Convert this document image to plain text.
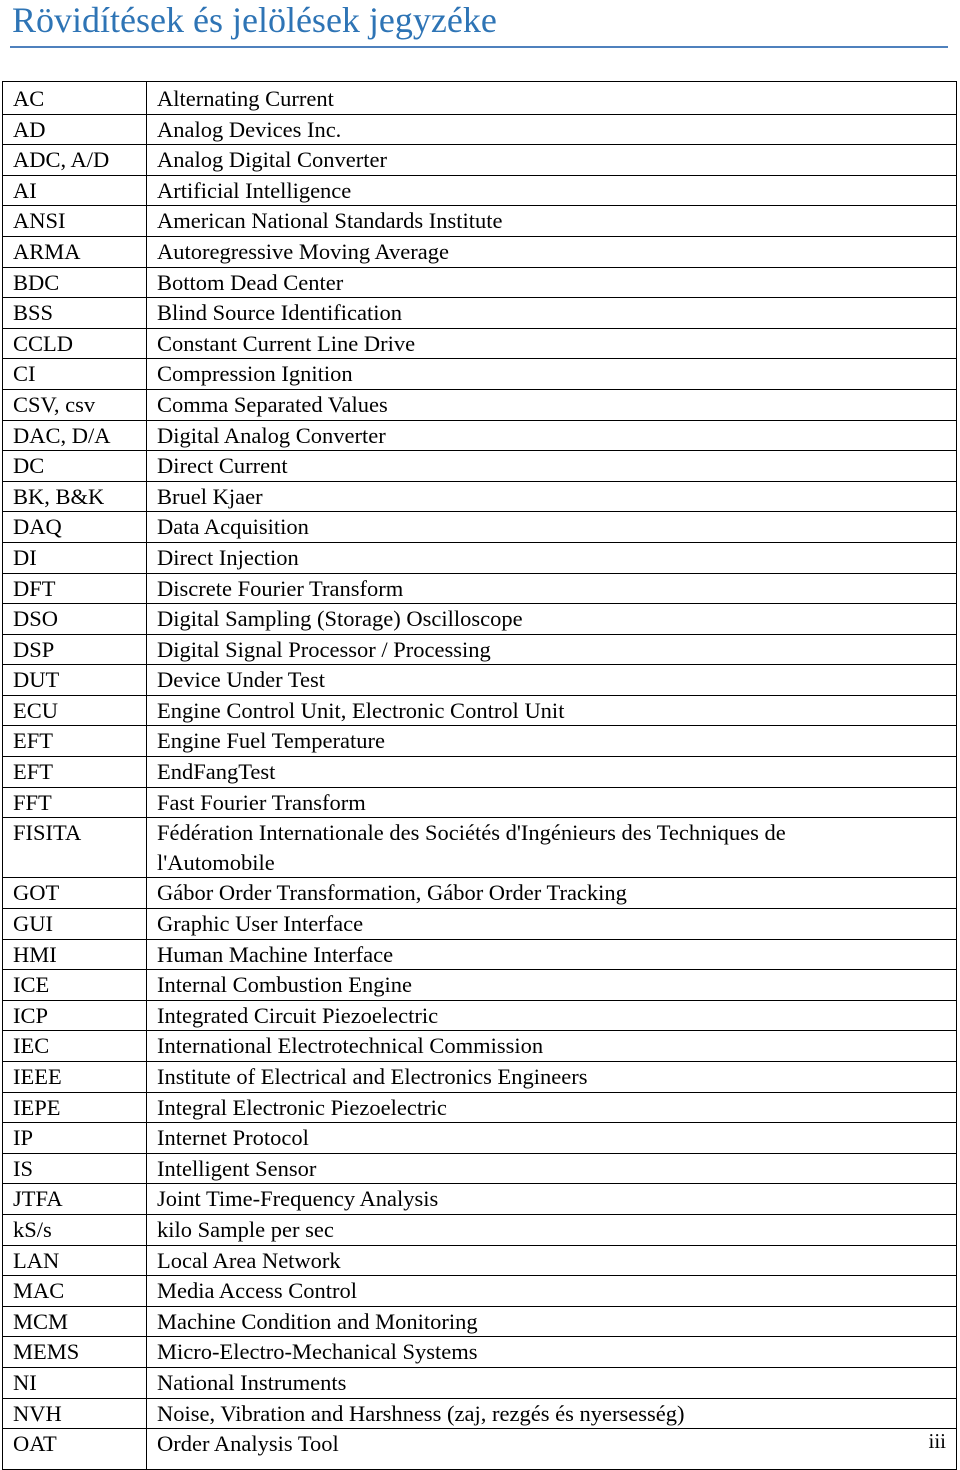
Rövidítések és jelölések jegyzéke
AC	Alternating Current

AD	Analog Devices Inc.

ADC, A/D	Analog Digital Converter

AI	Artificial Intelligence

ANSI	American National Standards Institute

ARMA	Autoregressive Moving Average

BDC	Bottom Dead Center

BSS	Blind Source Identification

CCLD	Constant Current Line Drive

CI	Compression Ignition

CSV, csv	Comma Separated Values

DAC, D/A	Digital Analog Converter

DC	Direct Current

BK, B&K	Bruel Kjaer

DAQ	Data Acquisition

DI	Direct Injection

DFT	Discrete Fourier Transform

DSO	Digital Sampling (Storage) Oscilloscope

DSP	Digital Signal Processor / Processing

DUT	Device Under Test

ECU	Engine Control Unit, Electronic Control Unit

EFT	Engine Fuel Temperature

EFT	EndFangTest

FFT	Fast Fourier Transform

FISITA	Fédération Internationale des Sociétés d'Ingénieurs des Techniques de
l'Automobile

GOT	Gábor Order Transformation, Gábor Order Tracking

GUI	Graphic User Interface

HMI	Human Machine Interface

ICE	Internal Combustion Engine

ICP	Integrated Circuit Piezoelectric

IEC	International Electrotechnical Commission

IEEE	Institute of Electrical and Electronics Engineers

IEPE	Integral Electronic Piezoelectric

IP	Internet Protocol

IS	Intelligent Sensor

JTFA	Joint Time-Frequency Analysis

kS/s	kilo Sample per sec

LAN	Local Area Network

MAC	Media Access Control

MCM	Machine Condition and Monitoring

MEMS	Micro-Electro-Mechanical Systems

NI	National Instruments

NVH	Noise, Vibration and Harshness (zaj, rezgés és nyersesség)

OAT	Order Analysis Tool	iii
